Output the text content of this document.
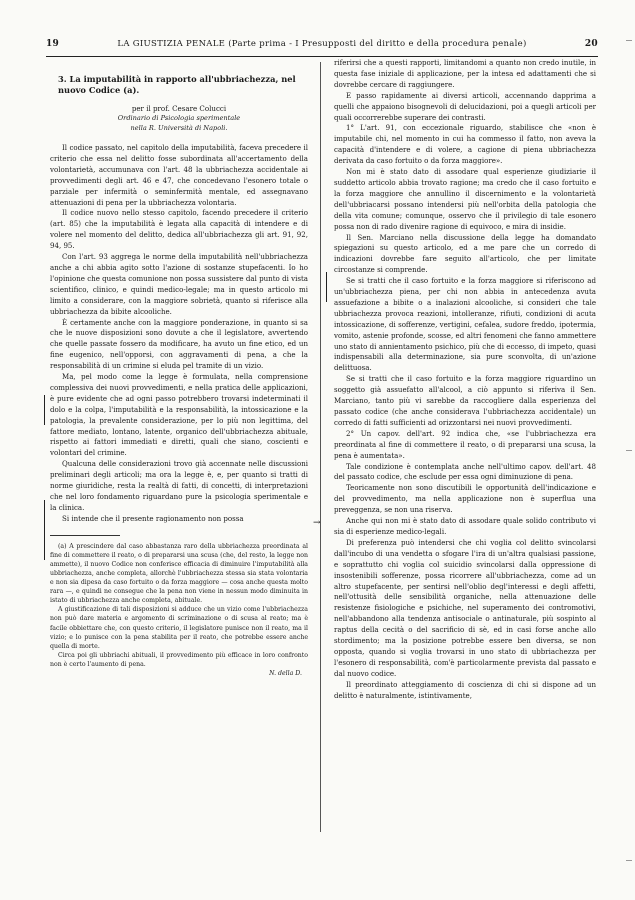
19	LA GIUSTIZIA PENALE (Parte prima - I Presupposti del diritto e della procedura penale)	20
3. La imputabilità in rapporto all'ubbriachezza, nel nuovo Codice (a).
per il prof. Cesare Colucci
Ordinario di Psicologia sperimentale
nella R. Università di Napoli.

Il codice passato, nel capitolo della imputabilità, faceva precedere il criterio che essa nel delitto fosse subordinata all'accertamento della volontarietà, accumunava con l'art. 48 la ubbriachezza accidentale ai provvedimenti degli art. 46 e 47, che concedevano l'esonero totale o parziale per infermità o seminfermità mentale, ed assegnavano attenuazioni di pena per la ubbriachezza volontaria.

Il codice nuovo nello stesso capitolo, facendo precedere il criterio (art. 85) che la imputabilità è legata alla capacità di intendere e di volere nel momento del delitto, dedica all'ubbriachezza gli art. 91, 92, 94, 95.

Con l'art. 93 aggrega le norme della imputabilità nell'ubbriachezza anche a chi abbia agito sotto l'azione di sostanze stupefacenti. Io ho l'opinione che questa comunione non possa sussistere dal punto di vista scientifico, clinico, e quindi medico-legale; ma in questo articolo mi limito a considerare, con la maggiore sobrietà, quanto si riferisce alla ubbriachezza da bibite alcooliche.

È certamente anche con la maggiore ponderazione, in quanto si sa che le nuove disposizioni sono dovute a che il legislatore, avvertendo che quelle passate fossero da modificare, ha avuto un fine etico, ed un fine eugenico, nell'opporsi, con aggravamenti di pena, a che la responsabilità di un crimine si eluda pel tramite di un vizio.

Ma, pel modo come la legge è formulata, nella comprensione complessiva dei nuovi provvedimenti, e nella pratica delle applicazioni, è pure evidente che ad ogni passo potrebbero trovarsi indeterminati il dolo e la colpa, l'imputabilità e la responsabilità, la intossicazione e la patologia, la prevalente considerazione, per lo più non legittima, del fattore mediato, lontano, latente, organico dell'ubbriachezza abituale, rispetto ai fattori immediati e diretti, quali che siano, coscienti e volontari del crimine.

Qualcuna delle considerazioni trovo già accennate nelle discussioni preliminari degli articoli; ma ora la legge è, e, per quanto si tratti di norme giuridiche, resta la realtà di fatti, di concetti, di interpretazioni che nel loro fondamento riguardano pure la psicologia sperimentale e la clinica.

Si intende che il presente ragionamento non possa

(a) A prescindere dal caso abbastanza raro della ubbriachezza preordinata al fine di commettere il reato, o di prepararsi una scusa (che, del resto, la legge non ammette), il nuovo Codice non conferisce efficacia di diminuire l'imputabilità alla ubbriachezza, anche completa, allorchè l'ubbriachezza stessa sia stata volontaria e non sia dipesa da caso fortuito o da forza maggiore — cosa anche questa molto rara —, e quindi ne consegue che la pena non viene in nessun modo diminuita in istato di ubbriachezza anche completa, abituale.

A giustificazione di tali disposizioni si adduce che un vizio come l'ubbriachezza non può dare materia e argomento di scriminazione o di scusa al reato; ma è facile obbiettare che, con questo criterio, il legislatore punisce non il reato, ma il vizio; e lo punisce con la pena stabilita per il reato, che potrebbe essere anche quella di morte.

Circa poi gli ubbriachi abituali, il provvedimento più efficace in loro confronto non è certo l'aumento di pena.

N. della D.

riferirsi che a questi rapporti, limitandomi a quanto non credo inutile, in questa fase iniziale di applicazione, per la intesa ed adattamenti che si dovrebbe cercare di raggiungere.

E passo rapidamente ai diversi articoli, accennando dapprima a quelli che appaiono bisognevoli di delucidazioni, poi a quegli articoli per quali occorrerebbe superare dei contrasti.

1° L'art. 91, con eccezionale riguardo, stabilisce che «non è imputabile chi, nel momento in cui ha commesso il fatto, non aveva la capacità d'intendere e di volere, a cagione di piena ubbriachezza derivata da caso fortuito o da forza maggiore».

Non mi è stato dato di assodare qual esperienze giudiziarie il suddetto articolo abbia trovato ragione; ma credo che il caso fortuito e la forza maggiore che annullino il discernimento e la volontarietà dell'ubbriacarsi possano intendersi più nell'orbita della patologia che della vita comune; comunque, osservo che il privilegio di tale esonero possa non di rado divenire ragione di equivoco, e mira di insidie.

Il Sen. Marciano nella discussione della legge ha domandato spiegazioni su questo articolo, ed a me pare che un corredo di indicazioni dovrebbe fare seguito all'articolo, che per limitate circostanze si comprende.

Se si tratti che il caso fortuito e la forza maggiore si riferiscono ad un'ubbriachezza piena, per chi non abbia in antecedenza avuta assuefazione a bibite o a inalazioni alcooliche, si consideri che tale ubbriachezza provoca reazioni, intolleranze, rifiuti, condizioni di acuta intossicazione, di sofferenze, vertigini, cefalea, sudore freddo, ipotermia, vomito, astenie profonde, scosse, ed altri fenomeni che fanno ammettere uno stato di annientamento psichico, più che di eccesso, di impeto, quasi indispensabili alla determinazione, sia pure sconvolta, di un'azione delittuosa.

Se si tratti che il caso fortuito e la forza maggiore riguardino un soggetto già assuefatto all'alcool, a ciò appunto si riferiva il Sen. Marciano, tanto più vi sarebbe da raccogliere dalla esperienza del passato codice (che anche considerava l'ubbriachezza accidentale) un corredo di fatti sufficienti ad orizzontarsi nei nuovi provvedimenti.

2° Un capov. dell'art. 92 indica che, «se l'ubbriachezza era preordinata al fine di commettere il reato, o di prepararsi una scusa, la pena è aumentata».

Tale condizione è contemplata anche nell'ultimo capov. dell'art. 48 del passato codice, che esclude per essa ogni diminuzione di pena.

Teoricamente non sono discutibili le opportunità dell'indicazione e del provvedimento, ma nella applicazione non è superflua una preveggenza, se non una riserva.

Anche qui non mi è stato dato di assodare quale solido contributo vi sia di esperienze medico-legali.

Di preferenza può intendersi che chi voglia col delitto svincolarsi dall'incubo di una vendetta o sfogare l'ira di un'altra qualsiasi passione, e soprattutto chi voglia col suicidio svincolarsi dalla oppressione di insostenibili sofferenze, possa ricorrere all'ubbriachezza, come ad un altro stupefacente, per sentirsi nell'oblio degl'interessi e degli affetti, nell'ottusità delle sensibilità organiche, nella attenuazione delle resistenze fisiologiche e psichiche, nel superamento dei contromotivi, nell'abbandono alla tendenza antisociale o antinaturale, più sospinto al raptus della cecità o del sacrificio di sè, ed in casi forse anche allo stordimento; ma la posizione potrebbe essere ben diversa, se non opposta, quando si voglia trovarsi in uno stato di ubbriachezza per l'esonero di responsabilità, com'è particolarmente prevista dal passato e dal nuovo codice.

Il preordinato atteggiamento di coscienza di chi si dispone ad un delitto è naturalmente, istintivamente,

→
